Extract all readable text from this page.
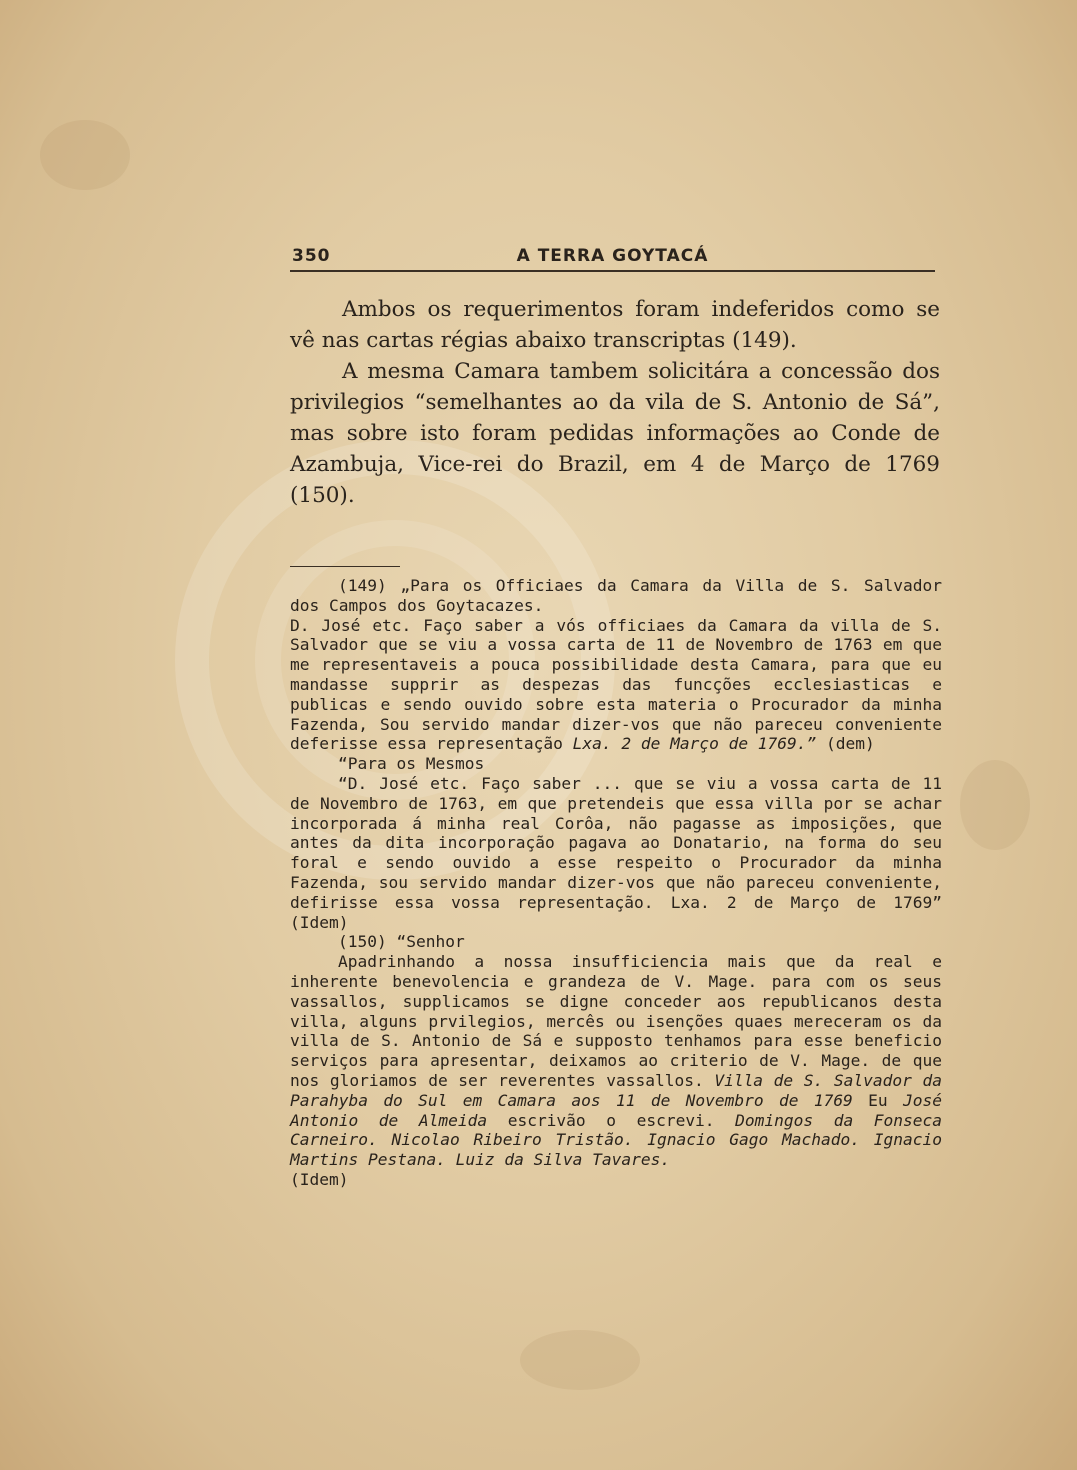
350	A TERRA GOYTACÁ

Ambos os requerimentos foram indeferidos como se vê nas cartas régias abaixo transcriptas (149).

A mesma Camara tambem solicitára a concessão dos privilegios “semelhantes ao da vila de S. Antonio de Sá”, mas sobre isto foram pedidas informações ao Conde de Azambuja, Vice-rei do Brazil, em 4 de Março de 1769 (150).

(149) „Para os Officiaes da Camara da Villa de S. Salvador dos Campos dos Goytacazes.

D. José etc. Faço saber a vós officiaes da Camara da villa de S. Salvador que se viu a vossa carta de 11 de Novembro de 1763 em que me representaveis a pouca possibilidade desta Camara, para que eu mandasse supprir as despezas das funcções ecclesiasticas e publicas e sendo ouvido sobre esta materia o Procurador da minha Fazenda, Sou servido mandar dizer-vos que não pareceu conveniente deferisse essa representação Lxa. 2 de Março de 1769.” (dem)

“Para os Mesmos

“D. José etc. Faço saber ... que se viu a vossa carta de 11 de Novembro de 1763, em que pretendeis que essa villa por se achar incorporada á minha real Corôa, não pagasse as imposições, que antes da dita incorporação pagava ao Donatario, na forma do seu foral e sendo ouvido a esse respeito o Procurador da minha Fazenda, sou servido mandar dizer-vos que não pareceu conveniente, defirisse essa vossa representação. Lxa. 2 de Março de 1769” (Idem)

(150) “Senhor

Apadrinhando a nossa insufficiencia mais que da real e inherente benevolencia e grandeza de V. Mage. para com os seus vassallos, supplicamos se digne conceder aos republicanos desta villa, alguns prvilegios, mercês ou isenções quaes mereceram os da villa de S. Antonio de Sá e supposto tenhamos para esse beneficio serviços para apresentar, deixamos ao criterio de V. Mage. de que nos gloriamos de ser reverentes vassallos. Villa de S. Salvador da Parahyba do Sul em Camara aos 11 de Novembro de 1769 Eu José Antonio de Almeida escrivão o escrevi. Domingos da Fonseca Carneiro. Nicolao Ribeiro Tristão. Ignacio Gago Machado. Ignacio Martins Pestana. Luiz da Silva Tavares.

(Idem)
